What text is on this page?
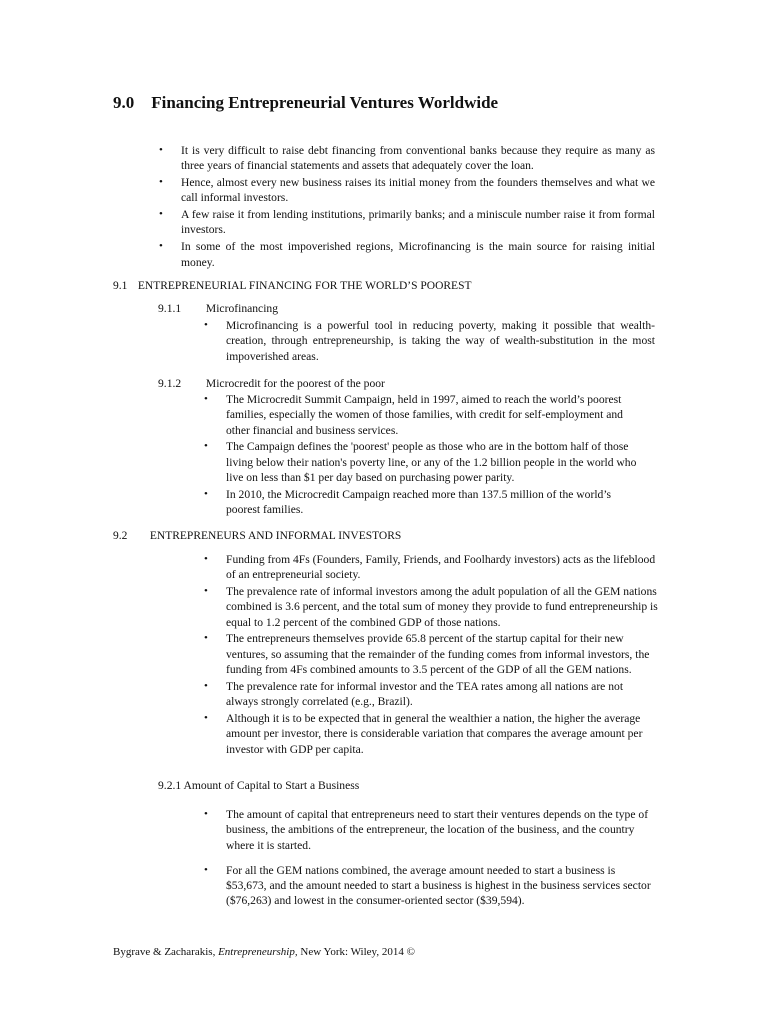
9.0 Financing Entrepreneurial Ventures Worldwide
• It is very difficult to raise debt financing from conventional banks because they require as many as three years of financial statements and assets that adequately cover the loan.
• Hence, almost every new business raises its initial money from the founders themselves and what we call informal investors.
• A few raise it from lending institutions, primarily banks; and a miniscule number raise it from formal investors.
• In some of the most impoverished regions, Microfinancing is the main source for raising initial money.
9.1 ENTREPRENEURIAL FINANCING FOR THE WORLD’S POOREST
9.1.1 Microfinancing
• Microfinancing is a powerful tool in reducing poverty, making it possible that wealth-creation, through entrepreneurship, is taking the way of wealth-substitution in the most impoverished areas.
9.1.2 Microcredit for the poorest of the poor
• The Microcredit Summit Campaign, held in 1997, aimed to reach the world’s poorest families, especially the women of those families, with credit for self-employment and other financial and business services.
• The Campaign defines the 'poorest' people as those who are in the bottom half of those living below their nation's poverty line, or any of the 1.2 billion people in the world who live on less than $1 per day based on purchasing power parity.
• In 2010, the Microcredit Campaign reached more than 137.5 million of the world’s poorest families.
9.2 ENTREPRENEURS AND INFORMAL INVESTORS
• Funding from 4Fs (Founders, Family, Friends, and Foolhardy investors) acts as the lifeblood of an entrepreneurial society.
• The prevalence rate of informal investors among the adult population of all the GEM nations combined is 3.6 percent, and the total sum of money they provide to fund entrepreneurship is equal to 1.2 percent of the combined GDP of those nations.
• The entrepreneurs themselves provide 65.8 percent of the startup capital for their new ventures, so assuming that the remainder of the funding comes from informal investors, the funding from 4Fs combined amounts to 3.5 percent of the GDP of all the GEM nations.
• The prevalence rate for informal investor and the TEA rates among all nations are not always strongly correlated (e.g., Brazil).
• Although it is to be expected that in general the wealthier a nation, the higher the average amount per investor, there is considerable variation that compares the average amount per investor with GDP per capita.
9.2.1 Amount of Capital to Start a Business
• The amount of capital that entrepreneurs need to start their ventures depends on the type of business, the ambitions of the entrepreneur, the location of the business, and the country where it is started.
• For all the GEM nations combined, the average amount needed to start a business is $53,673, and the amount needed to start a business is highest in the business services sector ($76,263) and lowest in the consumer-oriented sector ($39,594).
Bygrave & Zacharakis, Entrepreneurship, New York: Wiley, 2014 ©
